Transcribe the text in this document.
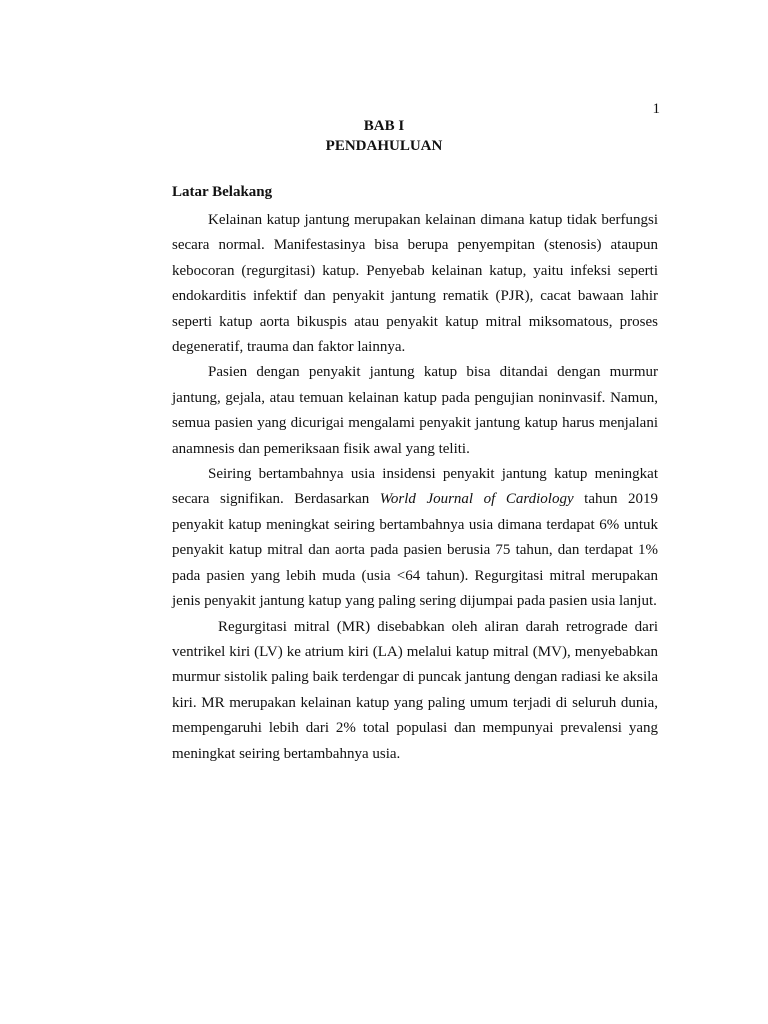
1
BAB I
PENDAHULUAN
Latar Belakang

Kelainan katup jantung merupakan kelainan dimana katup tidak berfungsi secara normal. Manifestasinya bisa berupa penyempitan (stenosis) ataupun kebocoran (regurgitasi) katup. Penyebab kelainan katup, yaitu infeksi seperti endokarditis infektif dan penyakit jantung rematik (PJR), cacat bawaan lahir seperti katup aorta bikuspis atau penyakit katup mitral miksomatous, proses degeneratif, trauma dan faktor lainnya.

Pasien dengan penyakit jantung katup bisa ditandai dengan murmur jantung, gejala, atau temuan kelainan katup pada pengujian noninvasif. Namun, semua pasien yang dicurigai mengalami penyakit jantung katup harus menjalani anamnesis dan pemeriksaan fisik awal yang teliti.

Seiring bertambahnya usia insidensi penyakit jantung katup meningkat secara signifikan. Berdasarkan World Journal of Cardiology tahun 2019 penyakit katup meningkat seiring bertambahnya usia dimana terdapat 6% untuk penyakit katup mitral dan aorta pada pasien berusia 75 tahun, dan terdapat 1% pada pasien yang lebih muda (usia <64 tahun). Regurgitasi mitral merupakan jenis penyakit jantung katup yang paling sering dijumpai pada pasien usia lanjut.

Regurgitasi mitral (MR) disebabkan oleh aliran darah retrograde dari ventrikel kiri (LV) ke atrium kiri (LA) melalui katup mitral (MV), menyebabkan murmur sistolik paling baik terdengar di puncak jantung dengan radiasi ke aksila kiri. MR merupakan kelainan katup yang paling umum terjadi di seluruh dunia, mempengaruhi lebih dari 2% total populasi dan mempunyai prevalensi yang meningkat seiring bertambahnya usia.
